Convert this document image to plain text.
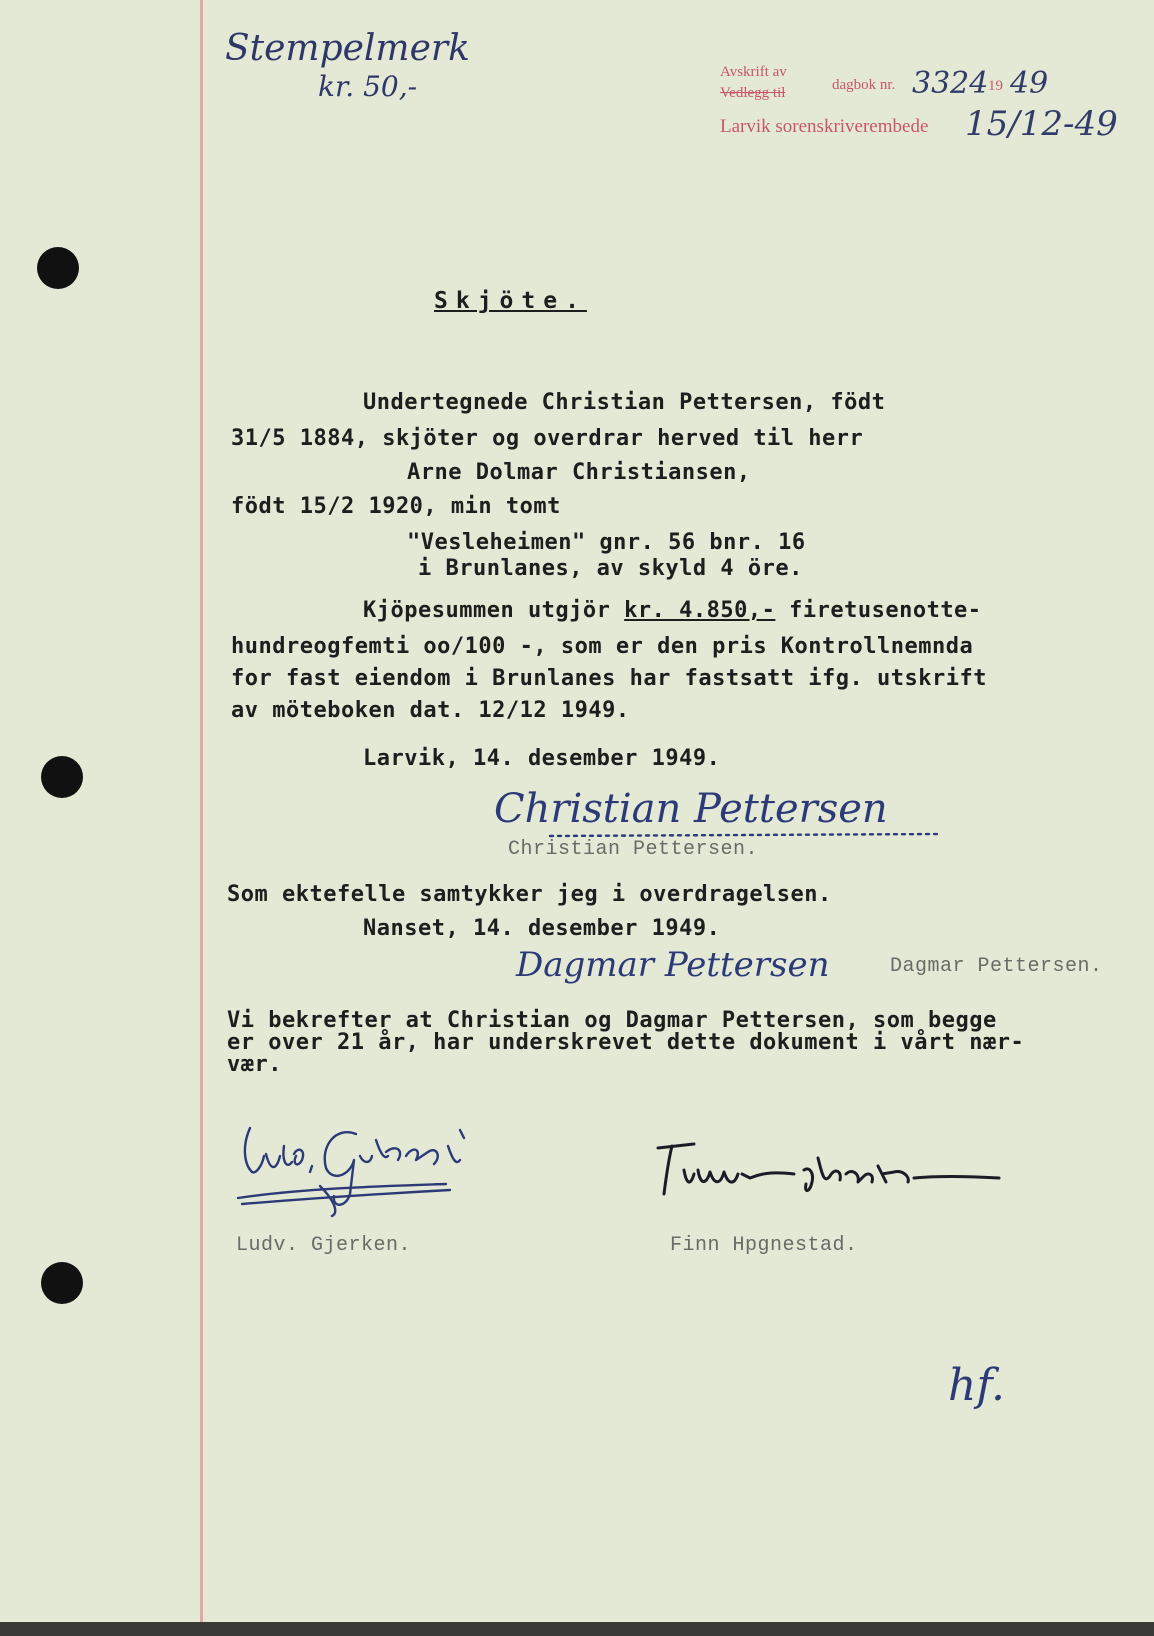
Stempelmerk
kr. 50,-	Avskrift av
Vedlegg til	dagbok nr. 3324 19 49
Larvik sorenskriverembede 15/12-49
Skjöte.
Undertegnede Christian Pettersen, födt
31/5 1884, skjöter og overdrar herved til herr
Arne Dolmar Christiansen,
födt 15/2 1920, min tomt
"Vesleheimen" gnr. 56 bnr. 16
i Brunlanes, av skyld 4 öre.
Kjöpesummen utgjör kr. 4.850,- firetusenotte-
hundreogfemti oo/100 -, som er den pris Kontrollnemnda
for fast eiendom i Brunlanes har fastsatt ifg. utskrift
av möteboken dat. 12/12 1949.
Larvik, 14. desember 1949.
Christian Pettersen
Christian Pettersen.
Som ektefelle samtykker jeg i overdragelsen.
Nanset, 14. desember 1949.
Dagmar Pettersen	Dagmar Pettersen.
Vi bekrefter at Christian og Dagmar Pettersen, som begge
er over 21 år, har underskrevet dette dokument i vårt nær-
vær.
Ludv. Gjerken.	Finn Hpgnestad.
hf.
